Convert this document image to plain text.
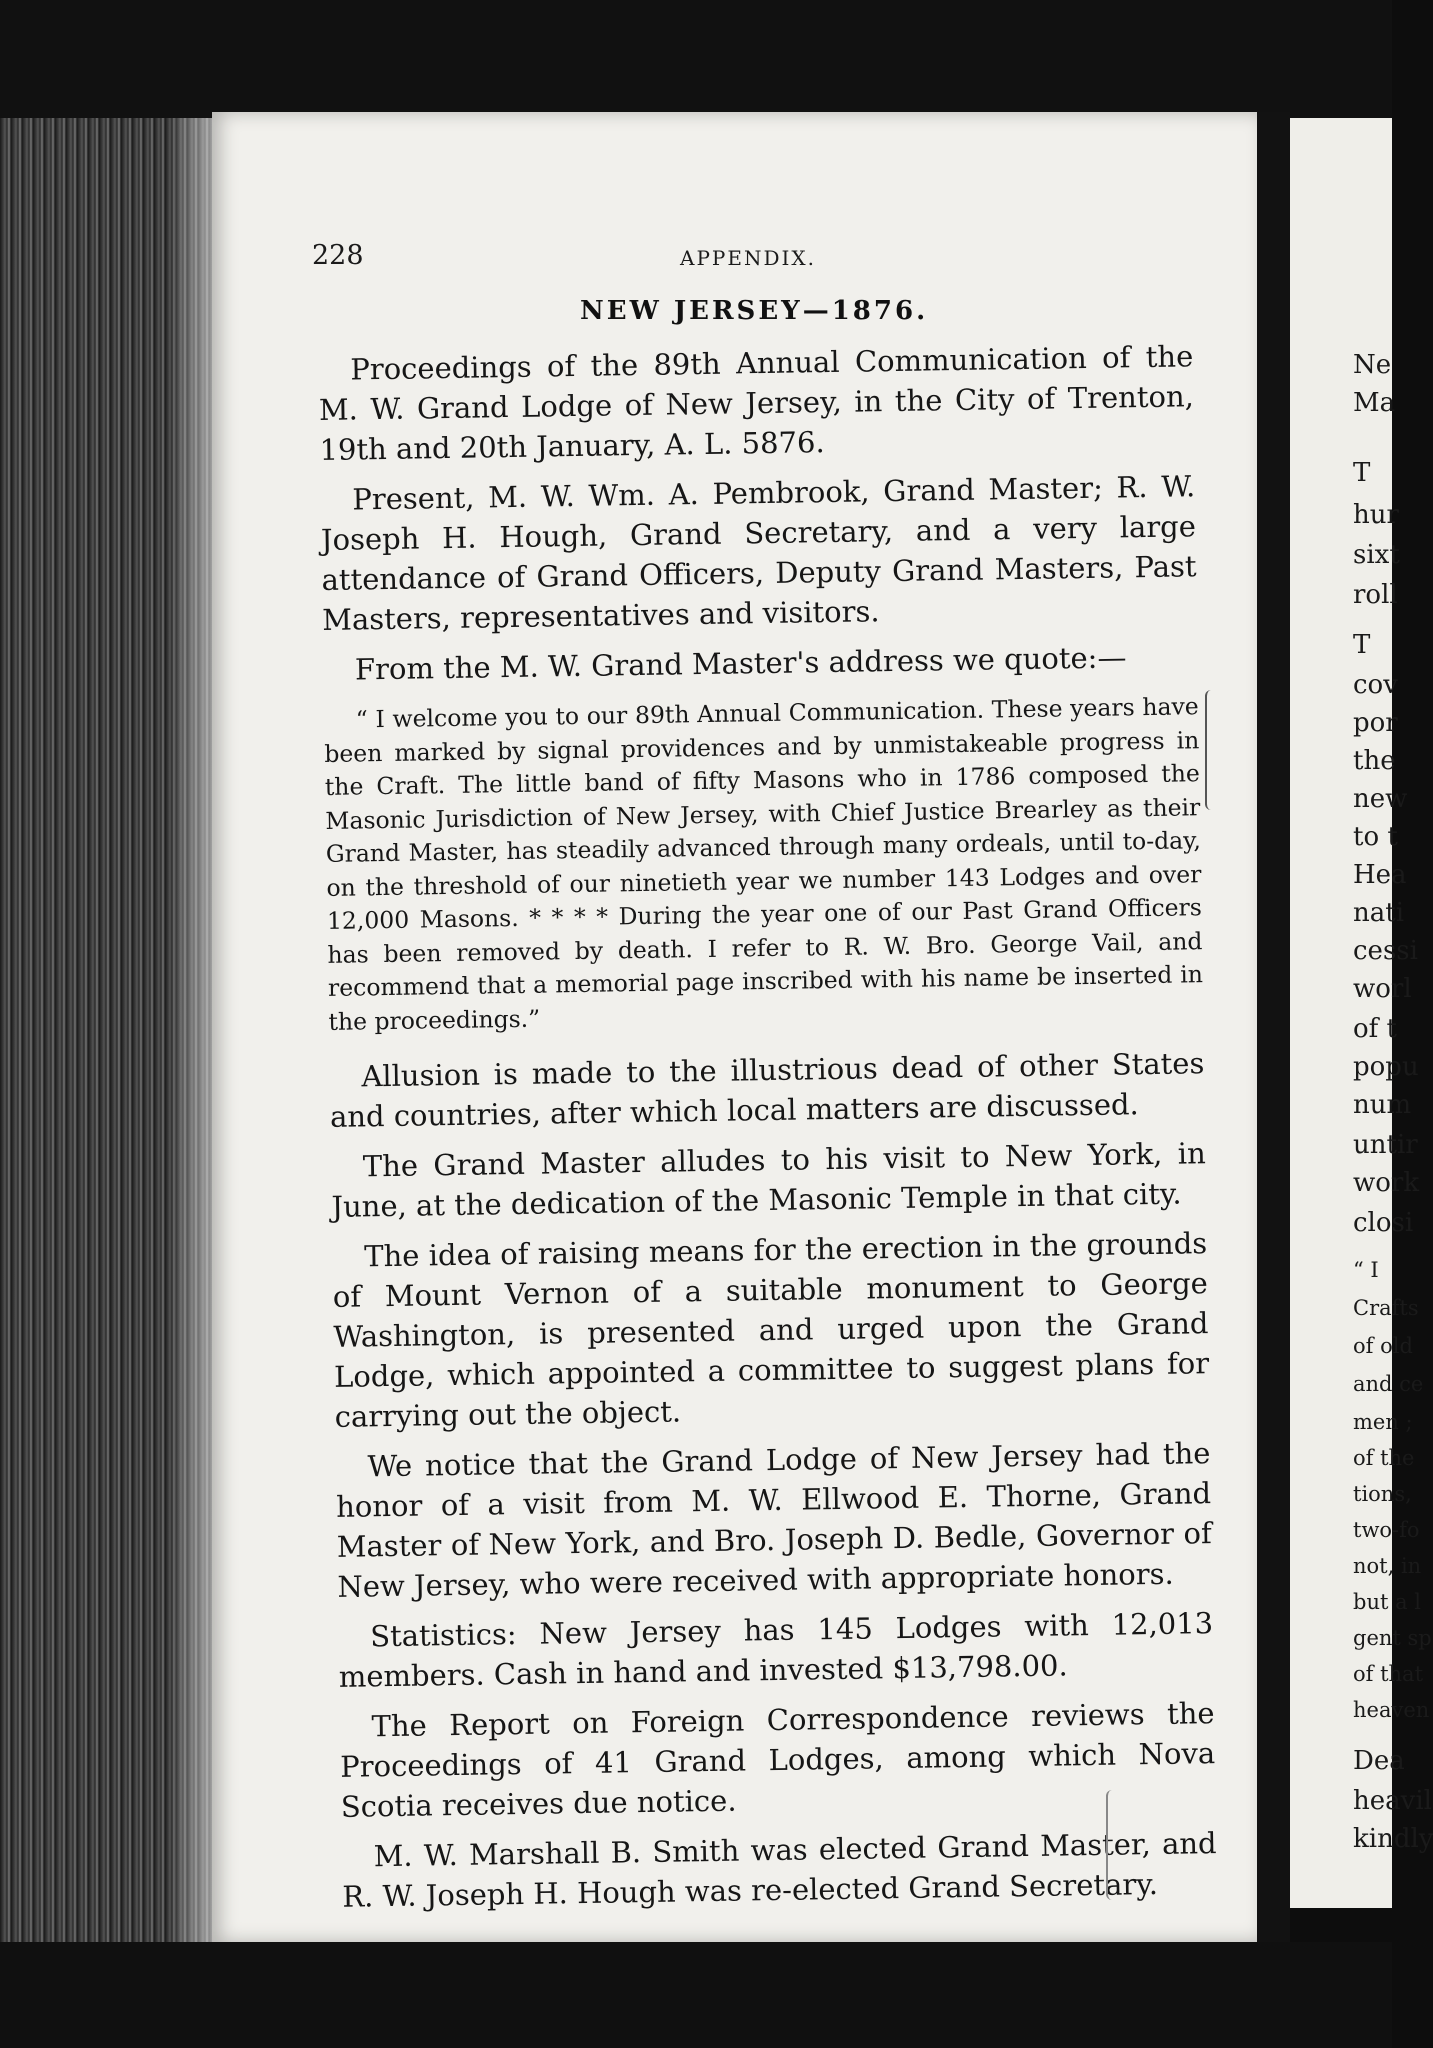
228	APPENDIX.
NEW JERSEY—1876.

Proceedings of the 89th Annual Communication of the M. W. Grand Lodge of New Jersey, in the City of Trenton, 19th and 20th January, A. L. 5876.

Present, M. W. Wm. A. Pembrook, Grand Master; R. W. Joseph H. Hough, Grand Secretary, and a very large attendance of Grand Officers, Deputy Grand Masters, Past Masters, representatives and visitors.

From the M. W. Grand Master's address we quote:—

“ I welcome you to our 89th Annual Communication. These years have been marked by signal providences and by unmistakeable progress in the Craft. The little band of fifty Masons who in 1786 composed the Masonic Jurisdiction of New Jersey, with Chief Justice Brearley as their Grand Master, has steadily advanced through many ordeals, until to-day, on the threshold of our ninetieth year we number 143 Lodges and over 12,000 Masons. * * * * During the year one of our Past Grand Officers has been removed by death. I refer to R. W. Bro. George Vail, and recommend that a memorial page inscribed with his name be inserted in the proceedings.”

Allusion is made to the illustrious dead of other States and countries, after which local matters are discussed.

The Grand Master alludes to his visit to New York, in June, at the dedication of the Masonic Temple in that city.

The idea of raising means for the erection in the grounds of Mount Vernon of a suitable monument to George Washington, is presented and urged upon the Grand Lodge, which appointed a committee to suggest plans for carrying out the object.

We notice that the Grand Lodge of New Jersey had the honor of a visit from M. W. Ellwood E. Thorne, Grand Master of New York, and Bro. Joseph D. Bedle, Governor of New Jersey, who were received with appropriate honors.

Statistics: New Jersey has 145 Lodges with 12,013 members. Cash in hand and invested $13,798.00.

The Report on Foreign Correspondence reviews the Proceedings of 41 Grand Lodges, among which Nova Scotia receives due notice.

M. W. Marshall B. Smith was elected Grand Master, and R. W. Joseph H. Hough was re-elected Grand Secretary.

Ne
Ma
T
hur
sixt
roll
T
cov
por
the
new
to t
Hea
nati
cessi
worl
of t
popu
num
untir
work
closi
“ I
Crafts
of old
and ce
men ;
of the
tions,
two-fo
not, in
but a l
gent sp
of that
heaven
Dea
heavil
kindly
